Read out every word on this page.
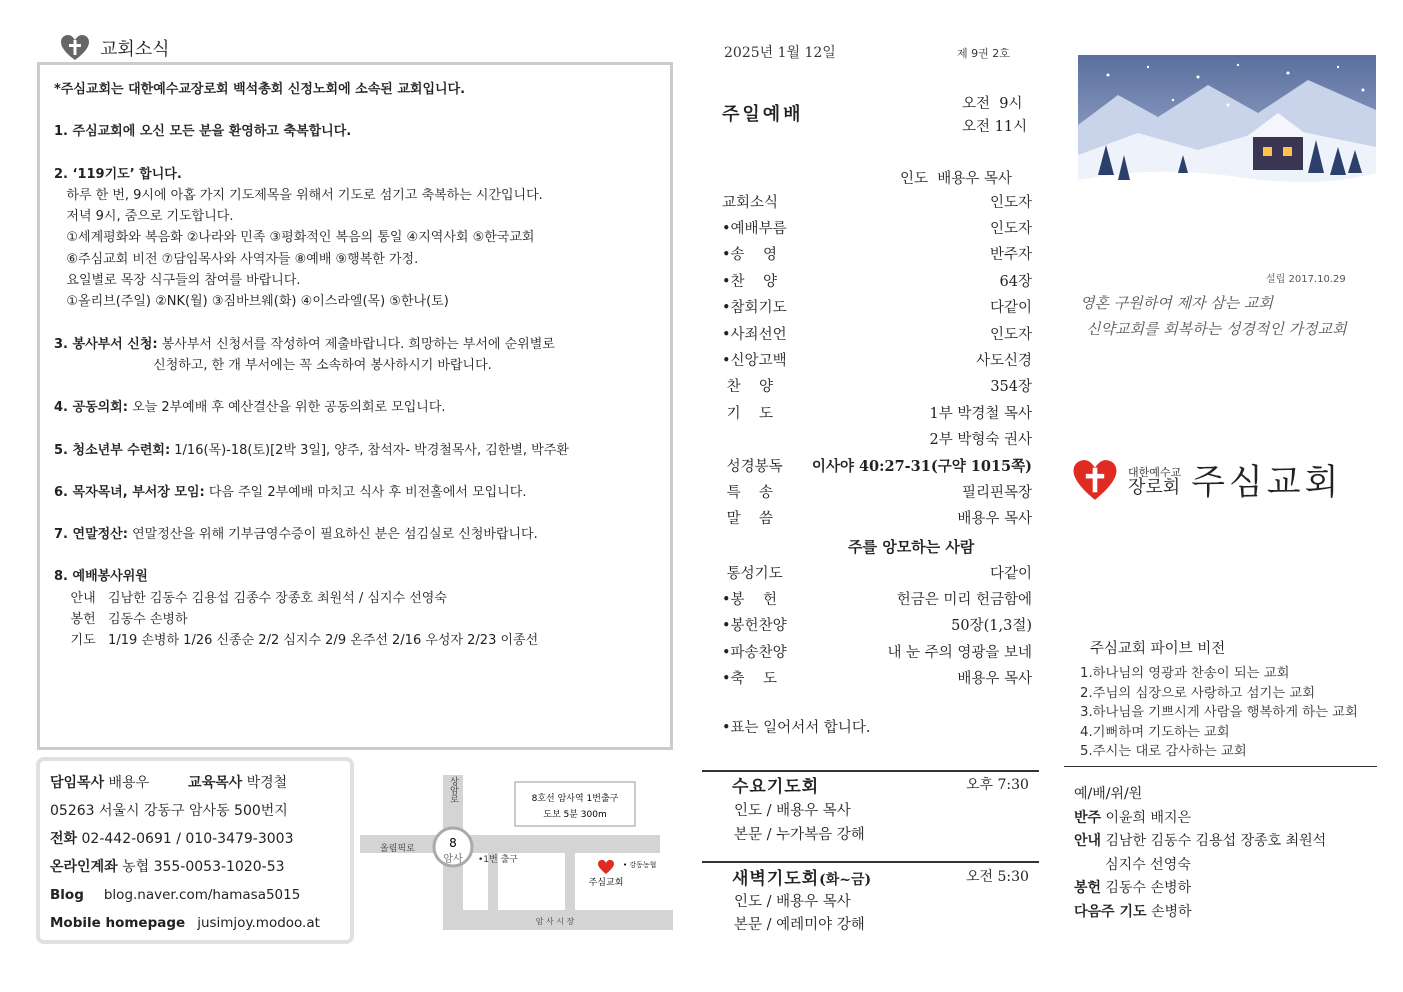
교회소식

*주심교회는 대한예수교장로회 백석총회 신정노회에 소속된 교회입니다.

1. 주심교회에 오신 모든 분을 환영하고 축복합니다.

2. ‘119기도’ 합니다.

하루 한 번, 9시에 아홉 가지 기도제목을 위해서 기도로 섬기고 축복하는 시간입니다.

저녁 9시, 줌으로 기도합니다.

①세계평화와 복음화 ②나라와 민족 ③평화적인 복음의 통일 ④지역사회 ⑤한국교회

⑥주심교회 비전 ⑦담임목사와 사역자들 ⑧예배 ⑨행복한 가정.

요일별로 목장 식구들의 참여를 바랍니다.

①올리브(주일) ②NK(월) ③짐바브웨(화) ④이스라엘(목) ⑤한나(토)

3. 봉사부서 신청: 봉사부서 신청서를 작성하여 제출바랍니다. 희망하는 부서에 순위별로

신청하고, 한 개 부서에는 꼭 소속하여 봉사하시기 바랍니다.

4. 공동의회: 오늘 2부예배 후 예산결산을 위한 공동의회로 모입니다.

5. 청소년부 수련회: 1/16(목)-18(토)[2박 3일], 양주, 참석자- 박경철목사, 김한별, 박주환

6. 목자목녀, 부서장 모임: 다음 주일 2부예배 마치고 식사 후 비전홀에서 모입니다.

7. 연말정산: 연말정산을 위해 기부금영수증이 필요하신 분은 섬김실로 신청바랍니다.

8. 예배봉사위원

안내   김남한 김동수 김용섭 김종수 장종호 최원석 / 심지수 선영숙

봉헌   김동수 손병하

기도   1/19 손병하 1/26 신종순 2/2 심지수 2/9 온주선 2/16 우성자 2/23 이종선

담임목사 배용우	교육목사 박경철
05263 서울시 강동구 암사동 500번지
전화 02-442-0691 / 010-3479-3003
온라인계좌 농협 355-0053-1020-53
Blog blog.naver.com/hamasa5015
Mobile homepage jusimjoy.modoo.at
8
암사 •1번 출구
올림픽로
상암로	8호선 암사역 1번출구
도보 5분 300m
주심교회
• 강동농협
암 사 시 장
2025년 1월 12일	제 9권 2호
주일예배	오전  9시
오전 11시
인도  배용우 목사
교회소식	인도자
•예배부름	인도자
•송    영	반주자
•찬    양	64장
•참회기도	다같이
•사죄선언	인도자
•신앙고백	사도신경
찬    양	354장
기    도	1부 박경철 목사
2부 박형숙 권사
성경봉독 이사야 40:27-31(구약 1015쪽)
특    송	필리핀목장
말    씀	배용우 목사
주를 앙모하는 사람
통성기도	다같이
•봉    헌	헌금은 미리 헌금함에
•봉헌찬양	50장(1,3절)
•파송찬양	내 눈 주의 영광을 보네
•축    도	배용우 목사
•표는 일어서서 합니다.
수요기도회	오후 7:30
인도 / 배용우 목사
본문 / 누가복음 강해
새벽기도회(화~금)	오전 5:30
인도 / 배용우 목사
본문 / 예레미야 강해
설립 2017.10.29
영혼 구원하여 제자 삼는 교회
신약교회를 회복하는 성경적인 가정교회
대한예수교
장로회 주심교회
주심교회 파이브 비전
1.하나님의 영광과 찬송이 되는 교회
2.주님의 심장으로 사랑하고 섬기는 교회
3.하나님을 기쁘시게 사람을 행복하게 하는 교회
4.기뻐하며 기도하는 교회
5.주시는 대로 감사하는 교회
예/배/위/원
반주 이윤희 배지은
안내 김남한 김동수 김용섭 장종호 최원석
심지수 선영숙
봉헌 김동수 손병하
다음주 기도 손병하
